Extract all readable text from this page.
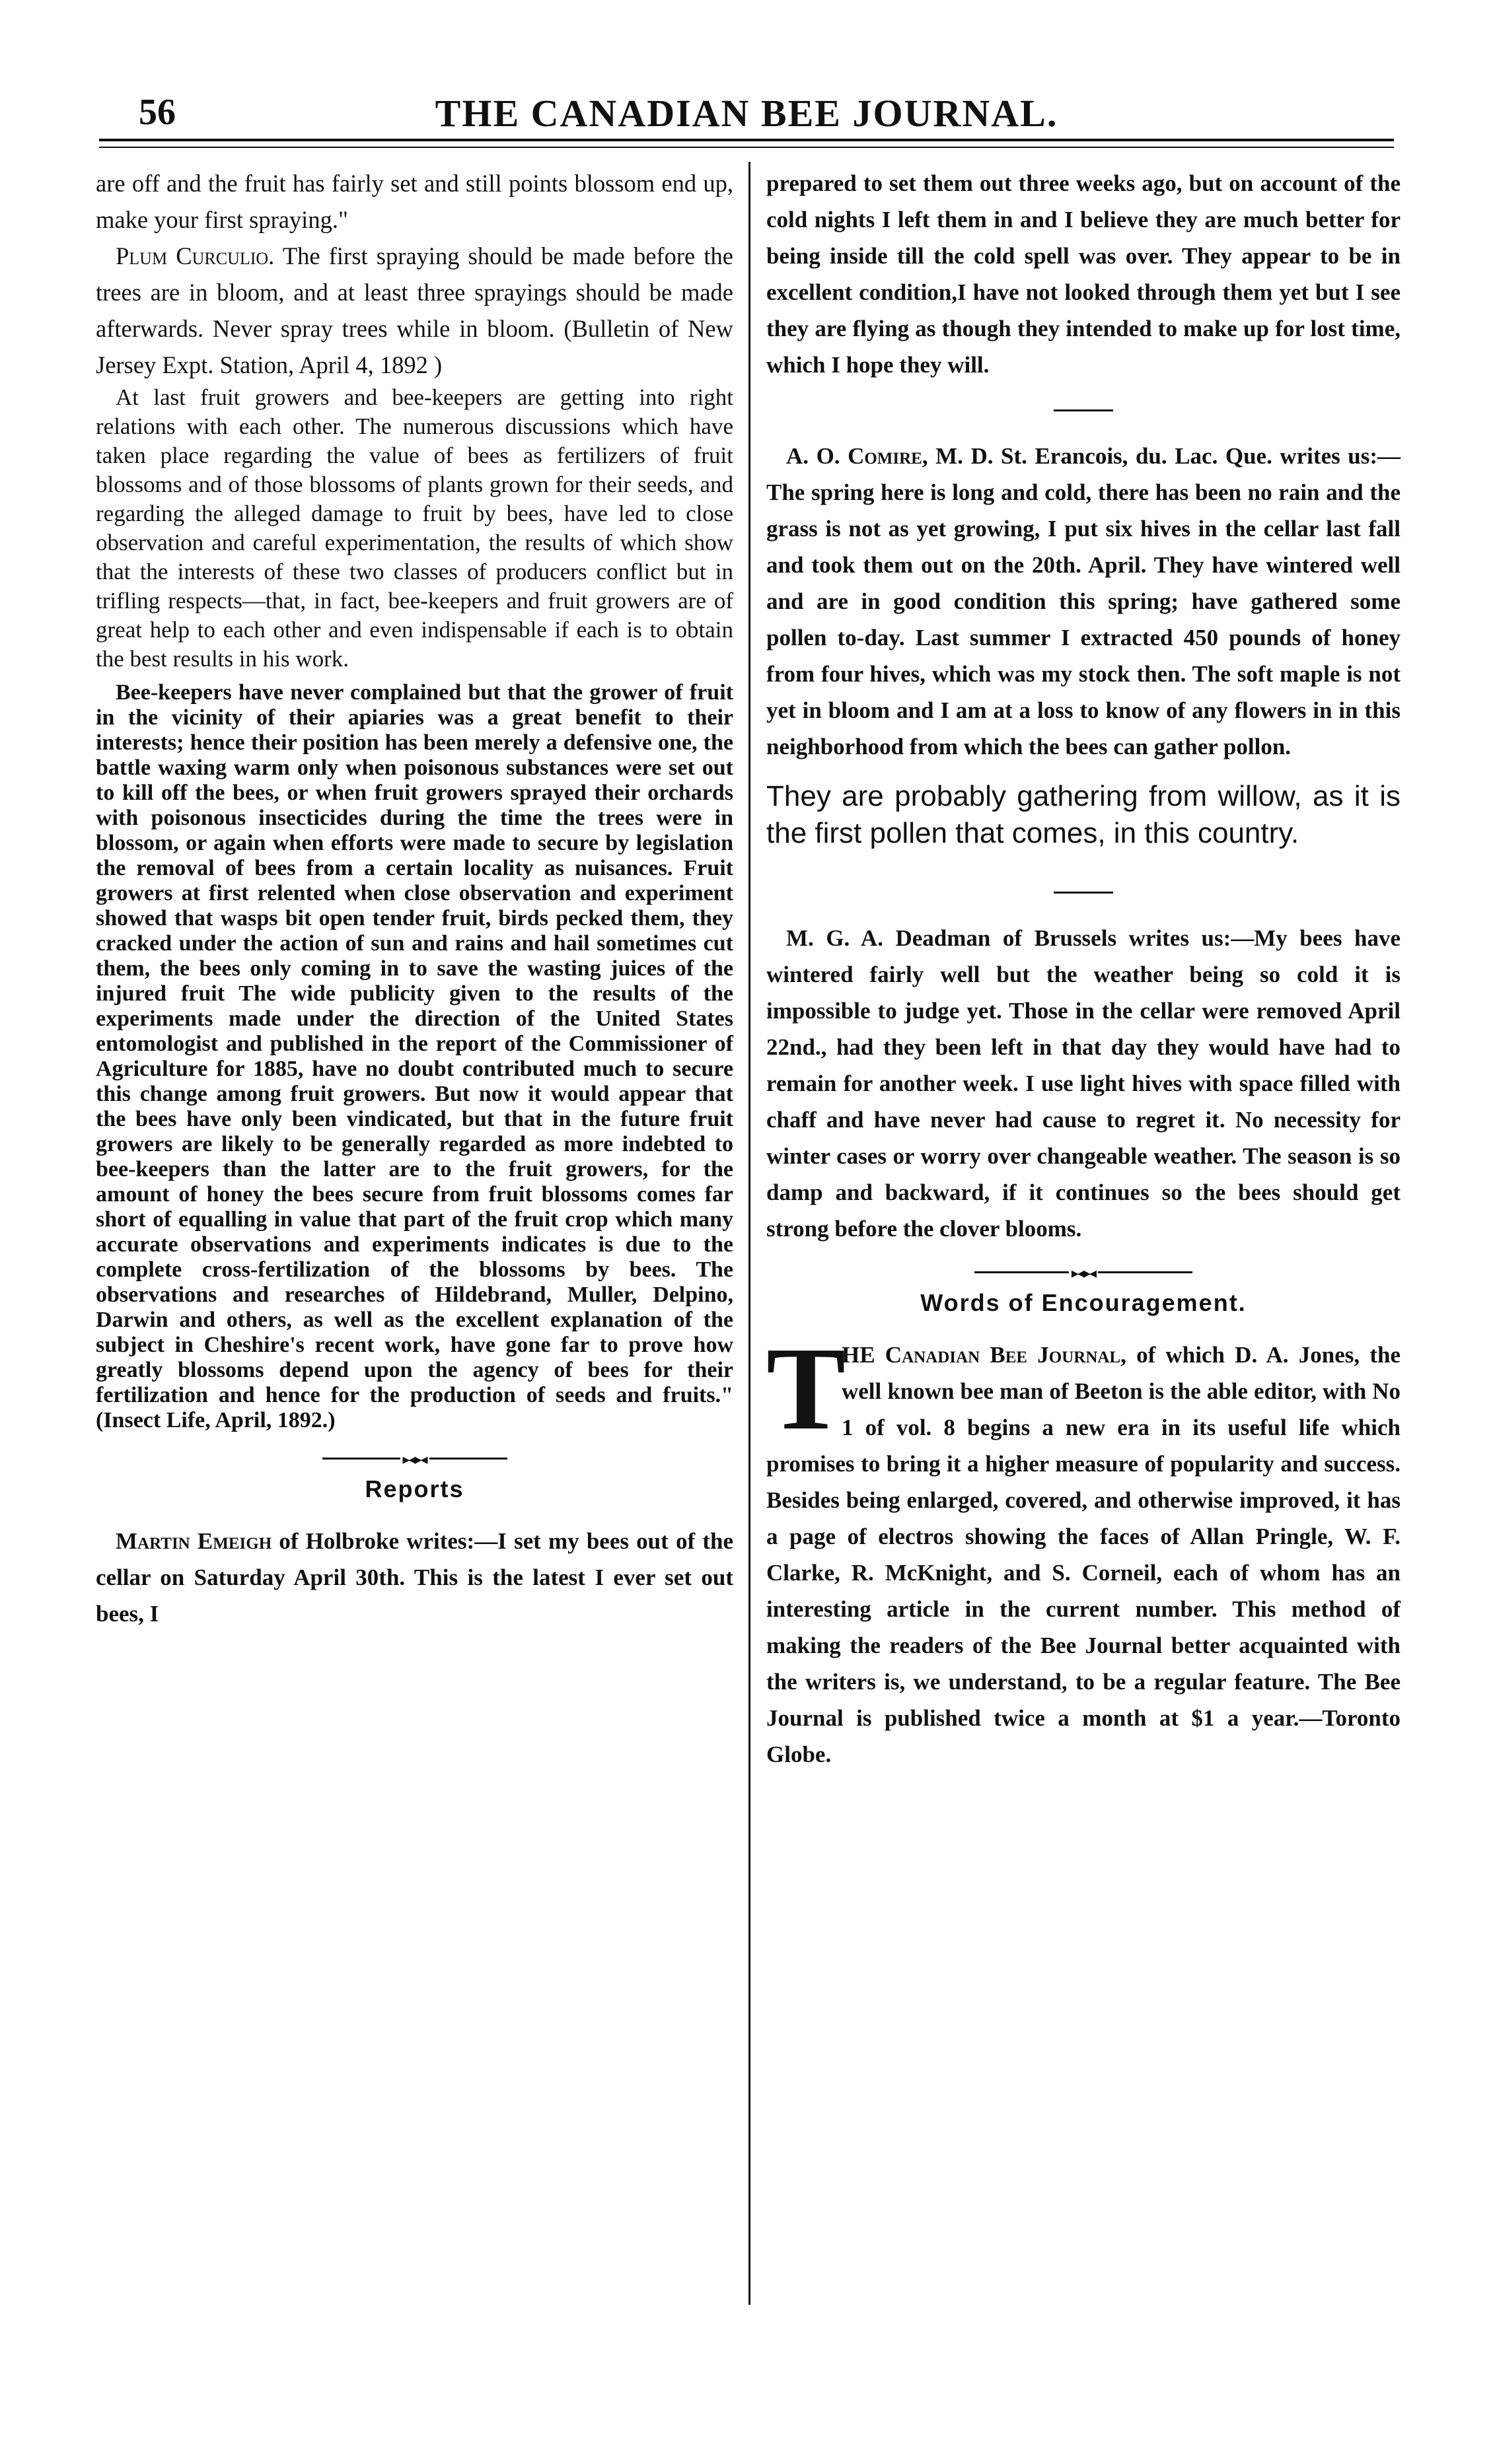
56	THE CANADIAN BEE JOURNAL.

are off and the fruit has fairly set and still points blossom end up, make your first spraying."

Plum Curculio. The first spraying should be made before the trees are in bloom, and at least three sprayings should be made afterwards. Never spray trees while in bloom. (Bulletin of New Jersey Expt. Station, April 4, 1892 )

At last fruit growers and bee-keepers are getting into right relations with each other. The numerous discussions which have taken place regarding the value of bees as fertilizers of fruit blossoms and of those blossoms of plants grown for their seeds, and regarding the alleged damage to fruit by bees, have led to close observation and careful experimentation, the results of which show that the interests of these two classes of producers conflict but in trifling respects—that, in fact, bee-keepers and fruit growers are of great help to each other and even indispensable if each is to obtain the best results in his work.

Bee-keepers have never complained but that the grower of fruit in the vicinity of their apiaries was a great benefit to their interests; hence their position has been merely a defensive one, the battle waxing warm only when poisonous substances were set out to kill off the bees, or when fruit growers sprayed their orchards with poisonous insecticides during the time the trees were in blossom, or again when efforts were made to secure by legislation the removal of bees from a certain locality as nuisances. Fruit growers at first relented when close observation and experiment showed that wasps bit open tender fruit, birds pecked them, they cracked under the action of sun and rains and hail sometimes cut them, the bees only coming in to save the wasting juices of the injured fruit The wide publicity given to the results of the experiments made under the direction of the United States entomologist and published in the report of the Commissioner of Agriculture for 1885, have no doubt contributed much to secure this change among fruit growers. But now it would appear that the bees have only been vindicated, but that in the future fruit growers are likely to be generally regarded as more indebted to bee-keepers than the latter are to the fruit growers, for the amount of honey the bees secure from fruit blossoms comes far short of equalling in value that part of the fruit crop which many accurate observations and experiments indicates is due to the complete cross-fertilization of the blossoms by bees. The observations and researches of Hildebrand, Muller, Delpino, Darwin and others, as well as the excellent explanation of the subject in Cheshire's recent work, have gone far to prove how greatly blossoms depend upon the agency of bees for their fertilization and hence for the production of seeds and fruits." (Insect Life, April, 1892.)

▸◂▸◂
Reports

Martin Emeigh of Holbroke writes:—I set my bees out of the cellar on Saturday April 30th. This is the latest I ever set out bees, I

prepared to set them out three weeks ago, but on account of the cold nights I left them in and I believe they are much better for being inside till the cold spell was over. They appear to be in excellent condition,I have not looked through them yet but I see they are flying as though they intended to make up for lost time, which I hope they will.

A. O. Comire, M. D. St. Erancois, du. Lac. Que. writes us:—The spring here is long and cold, there has been no rain and the grass is not as yet growing, I put six hives in the cellar last fall and took them out on the 20th. April. They have wintered well and are in good condition this spring; have gathered some pollen to-day. Last summer I extracted 450 pounds of honey from four hives, which was my stock then. The soft maple is not yet in bloom and I am at a loss to know of any flowers in in this neighborhood from which the bees can gather pollon.

They are probably gathering from willow, as it is the first pollen that comes, in this country.

M. G. A. Deadman of Brussels writes us:—My bees have wintered fairly well but the weather being so cold it is impossible to judge yet. Those in the cellar were removed April 22nd., had they been left in that day they would have had to remain for another week. I use light hives with space filled with chaff and have never had cause to regret it. No necessity for winter cases or worry over changeable weather. The season is so damp and backward, if it continues so the bees should get strong before the clover blooms.

▸◂▸◂
Words of Encouragement.
T

HE Canadian Bee Journal, of which D. A. Jones, the well known bee man of Beeton is the able editor, with No 1 of vol. 8 begins a new era in its useful life which promises to bring it a higher measure of popularity and success. Besides being enlarged, covered, and otherwise improved, it has a page of electros showing the faces of Allan Pringle, W. F. Clarke, R. McKnight, and S. Corneil, each of whom has an interesting article in the current number. This method of making the readers of the Bee Journal better acquainted with the writers is, we understand, to be a regular feature. The Bee Journal is published twice a month at $1 a year.—Toronto Globe.
